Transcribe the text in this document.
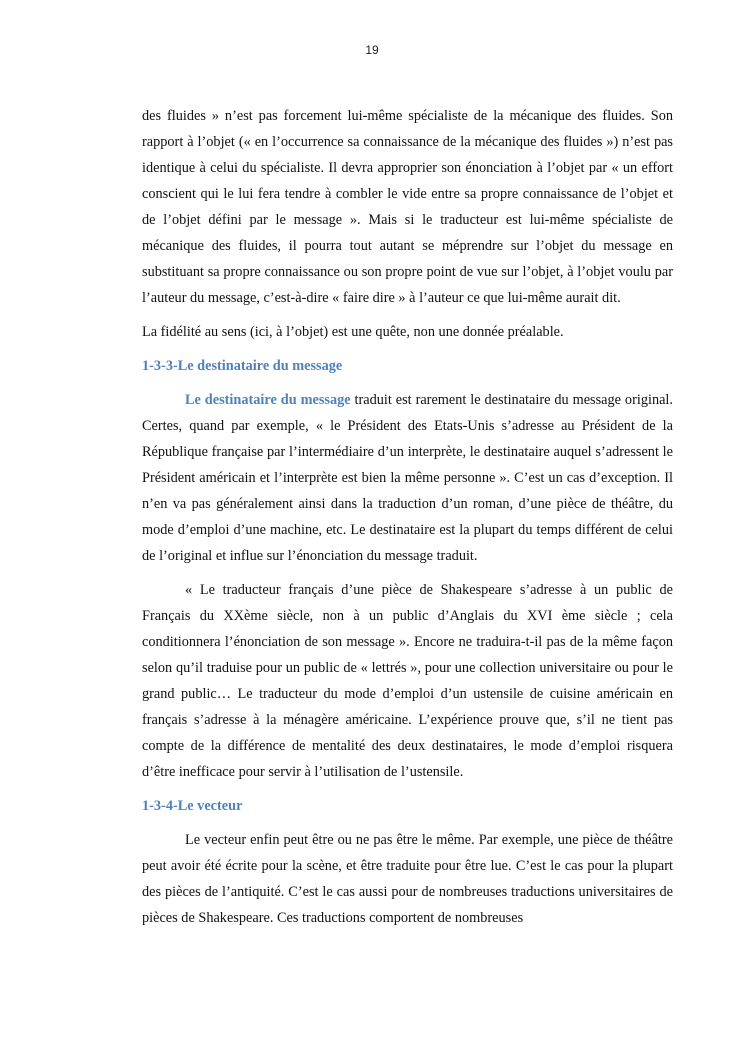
19

des fluides » n’est pas forcement lui-même spécialiste de la mécanique des fluides. Son rapport à l’objet (« en l’occurrence sa connaissance de la mécanique des fluides ») n’est pas identique à celui du spécialiste. Il devra approprier son énonciation à l’objet par « un effort conscient qui le lui fera tendre à combler le vide entre sa propre connaissance de l’objet et de l’objet défini par le message ». Mais si le traducteur est lui-même spécialiste de mécanique des fluides, il pourra tout autant se méprendre sur l’objet du message en substituant sa propre connaissance ou son propre point de vue sur l’objet, à l’objet voulu par l’auteur du message, c’est-à-dire « faire dire » à l’auteur ce que lui-même aurait dit.

La fidélité au sens (ici, à l’objet) est une quête, non une donnée préalable.

1-3-3-Le destinataire du message

Le destinataire du message traduit est rarement le destinataire du message original. Certes, quand par exemple, « le Président des Etats-Unis s’adresse au Président de la République française par l’intermédiaire d’un interprète, le destinataire auquel s’adressent le Président américain et l’interprète est bien la même personne ». C’est un cas d’exception. Il n’en va pas généralement ainsi dans la traduction d’un roman, d’une pièce de théâtre, du mode d’emploi d’une machine, etc. Le destinataire est la plupart du temps différent de celui de l’original et influe sur l’énonciation du message traduit.

« Le traducteur français d’une pièce de Shakespeare s’adresse à un public de Français du XXème siècle, non à un public d’Anglais du XVI ème siècle ; cela conditionnera l’énonciation de son message ». Encore ne traduira-t-il pas de la même façon selon qu’il traduise pour un public de « lettrés », pour une collection universitaire ou pour le grand public… Le traducteur du mode d’emploi d’un ustensile de cuisine américain en français s’adresse à la ménagère américaine. L’expérience prouve que, s’il ne tient pas compte de la différence de mentalité des deux destinataires, le mode d’emploi risquera d’être inefficace pour servir à l’utilisation de l’ustensile.

1-3-4-Le vecteur

Le vecteur enfin peut être ou ne pas être le même. Par exemple, une pièce de théâtre peut avoir été écrite pour la scène, et être traduite pour être lue. C’est le cas pour la plupart des pièces de l’antiquité. C’est le cas aussi pour de nombreuses traductions universitaires de pièces de Shakespeare. Ces traductions comportent de nombreuses
